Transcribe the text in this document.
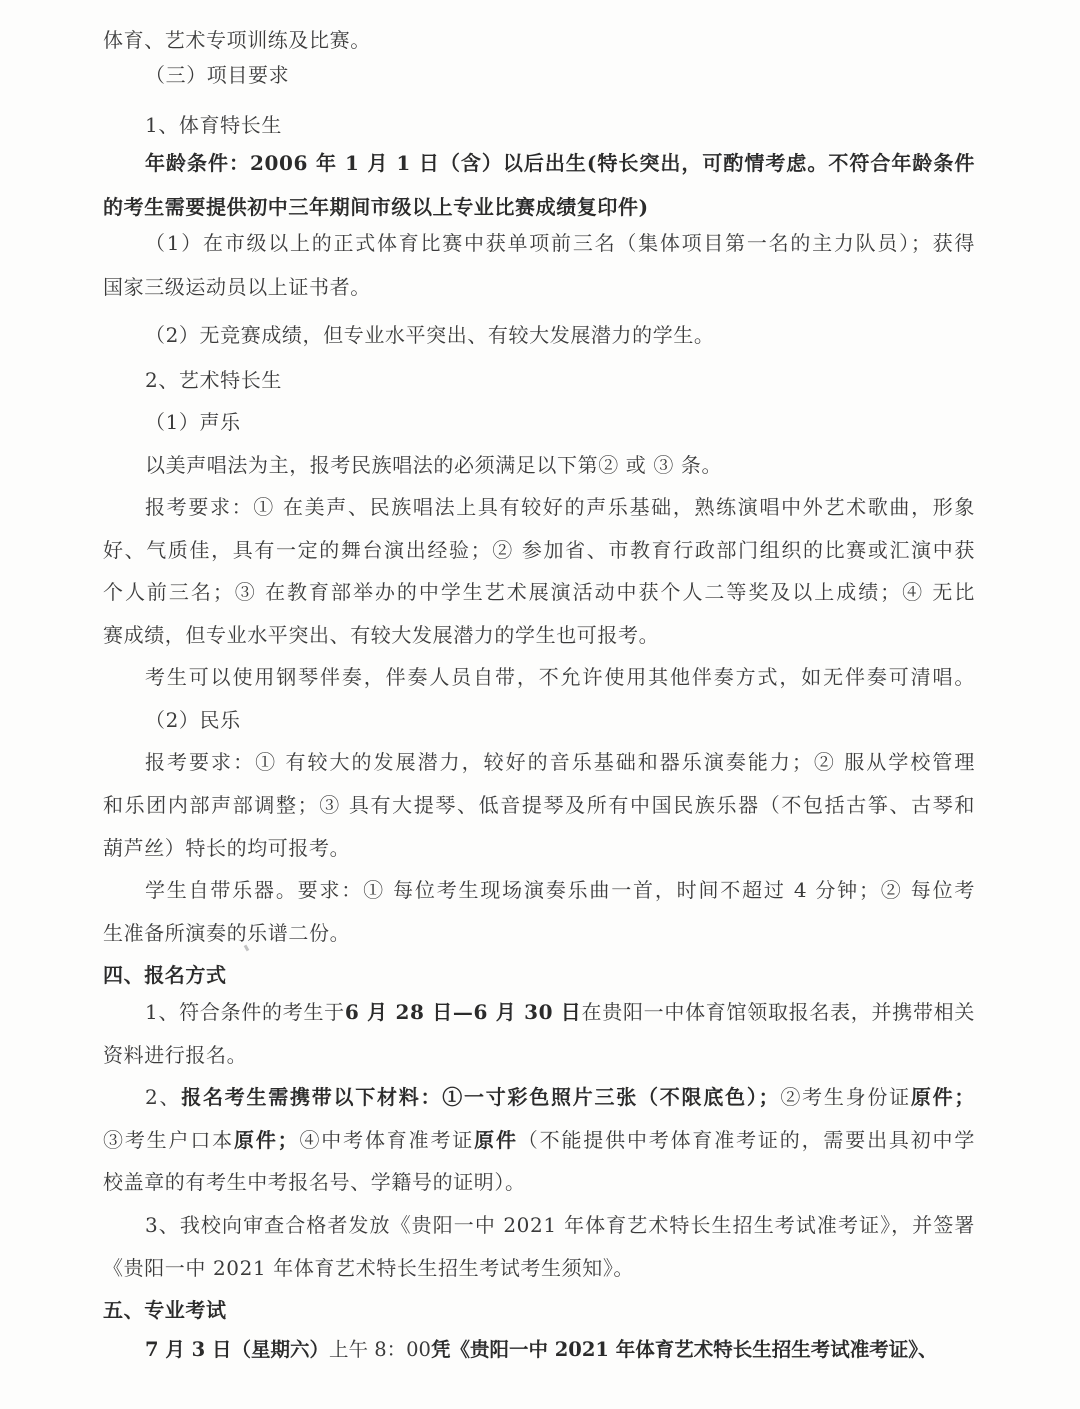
体育、艺术专项训练及比赛。
（三）项目要求
1、体育特长生
年龄条件：2006 年 1 月 1 日（含）以后出生(特长突出，可酌情考虑。不符合年龄条件
的考生需要提供初中三年期间市级以上专业比赛成绩复印件)
（1）在市级以上的正式体育比赛中获单项前三名（集体项目第一名的主力队员）；获得
国家三级运动员以上证书者。
（2）无竞赛成绩，但专业水平突出、有较大发展潜力的学生。
2、艺术特长生
（1）声乐
以美声唱法为主，报考民族唱法的必须满足以下第② 或 ③ 条。
报考要求：① 在美声、民族唱法上具有较好的声乐基础，熟练演唱中外艺术歌曲，形象
好、气质佳，具有一定的舞台演出经验；② 参加省、市教育行政部门组织的比赛或汇演中获
个人前三名；③ 在教育部举办的中学生艺术展演活动中获个人二等奖及以上成绩；④ 无比
赛成绩，但专业水平突出、有较大发展潜力的学生也可报考。
考生可以使用钢琴伴奏，伴奏人员自带，不允许使用其他伴奏方式，如无伴奏可清唱。
（2）民乐
报考要求：① 有较大的发展潜力，较好的音乐基础和器乐演奏能力；② 服从学校管理
和乐团内部声部调整；③ 具有大提琴、低音提琴及所有中国民族乐器（不包括古筝、古琴和
葫芦丝）特长的均可报考。
学生自带乐器。要求：① 每位考生现场演奏乐曲一首，时间不超过 4 分钟；② 每位考
生准备所演奏的乐谱二份。
四、报名方式
1、符合条件的考生于6 月 28 日—6 月 30 日在贵阳一中体育馆领取报名表，并携带相关
资料进行报名。
2、报名考生需携带以下材料：①一寸彩色照片三张（不限底色）；②考生身份证原件；
③考生户口本原件；④中考体育准考证原件（不能提供中考体育准考证的，需要出具初中学
校盖章的有考生中考报名号、学籍号的证明）。
3、我校向审查合格者发放《贵阳一中 2021 年体育艺术特长生招生考试准考证》，并签署
《贵阳一中 2021 年体育艺术特长生招生考试考生须知》。
五、专业考试
7 月 3 日（星期六）上午 8：00凭《贵阳一中 2021 年体育艺术特长生招生考试准考证》、
